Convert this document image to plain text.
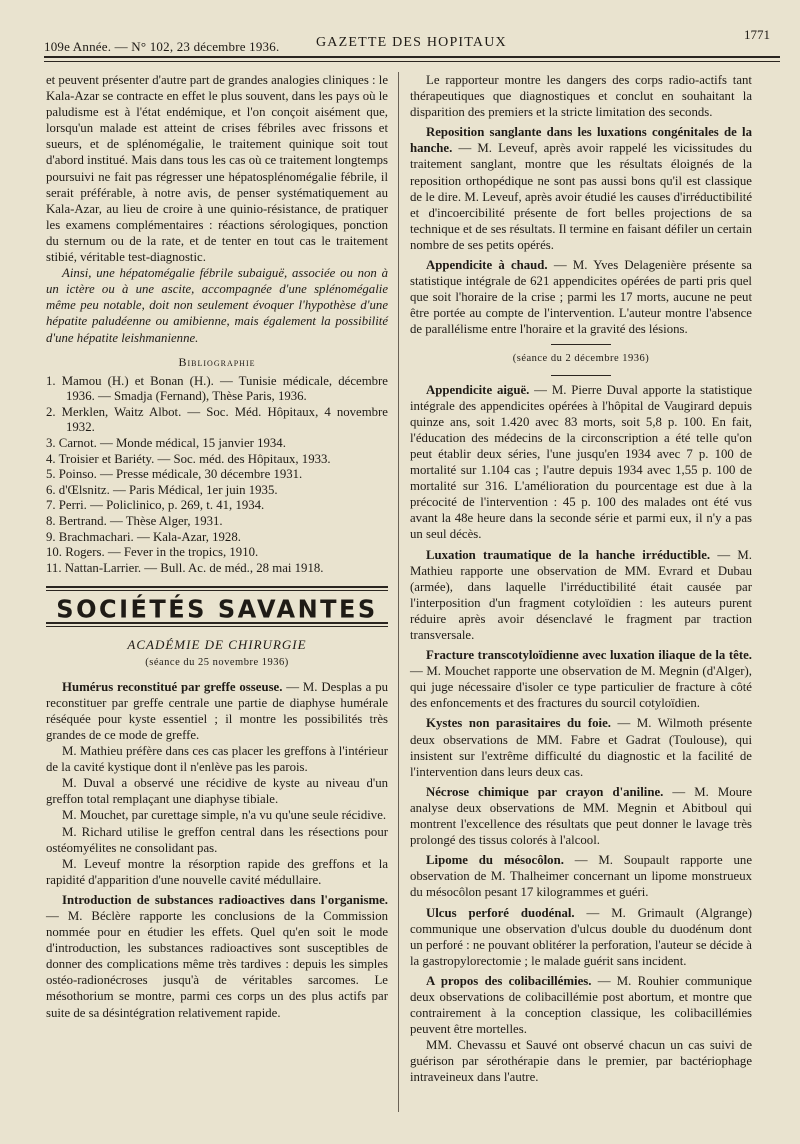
109e Année. — N° 102, 23 décembre 1936.	GAZETTE DES HOPITAUX
1771

et peuvent présenter d'autre part de grandes analogies cliniques : le Kala-Azar se contracte en effet le plus souvent, dans les pays où le paludisme est à l'état endémique, et l'on conçoit aisément que, lorsqu'un malade est atteint de crises fébriles avec frissons et sueurs, et de splénomégalie, le traitement quinique soit tout d'abord institué. Mais dans tous les cas où ce traitement longtemps poursuivi ne fait pas régresser une hépatosplénomégalie fébrile, il serait préférable, à notre avis, de penser systématiquement au Kala-Azar, au lieu de croire à une quinio-résistance, de pratiquer les examens complémentaires : réactions sérologiques, ponction du sternum ou de la rate, et de tenter en tout cas le traitement stibié, véritable test-diagnostic.

Ainsi, une hépatomégalie fébrile subaiguë, associée ou non à un ictère ou à une ascite, accompagnée d'une splénomégalie même peu notable, doit non seulement évoquer l'hypothèse d'une hépatite paludéenne ou amibienne, mais également la possibilité d'une hépatite leishmanienne.

Bibliographie
1. Mamou (H.) et Bonan (H.). — Tunisie médicale, décembre 1936. — Smadja (Fernand), Thèse Paris, 1936.
2. Merklen, Waitz Albot. — Soc. Méd. Hôpitaux, 4 novembre 1932.
3. Carnot. — Monde médical, 15 janvier 1934.
4. Troisier et Bariéty. — Soc. méd. des Hôpitaux, 1933.
5. Poinso. — Presse médicale, 30 décembre 1931.
6. d'Œlsnitz. — Paris Médical, 1er juin 1935.
7. Perri. — Policlinico, p. 269, t. 41, 1934.
8. Bertrand. — Thèse Alger, 1931.
9. Brachmachari. — Kala-Azar, 1928.
10. Rogers. — Fever in the tropics, 1910.
11. Nattan-Larrier. — Bull. Ac. de méd., 28 mai 1918.
SOCIÉTÉS SAVANTES
ACADÉMIE DE CHIRURGIE
(séance du 25 novembre 1936)

Humérus reconstitué par greffe osseuse. — M. Desplas a pu reconstituer par greffe centrale une partie de diaphyse humérale réséquée pour kyste essentiel ; il montre les possibilités très grandes de ce mode de greffe.

M. Mathieu préfère dans ces cas placer les greffons à l'intérieur de la cavité kystique dont il n'enlève pas les parois.

M. Duval a observé une récidive de kyste au niveau d'un greffon total remplaçant une diaphyse tibiale.

M. Mouchet, par curettage simple, n'a vu qu'une seule récidive.

M. Richard utilise le greffon central dans les résections pour ostéomyélites ne consolidant pas.

M. Leveuf montre la résorption rapide des greffons et la rapidité d'apparition d'une nouvelle cavité médullaire.

Introduction de substances radioactives dans l'organisme. — M. Béclère rapporte les conclusions de la Commission nommée pour en étudier les effets. Quel qu'en soit le mode d'introduction, les substances radioactives sont susceptibles de donner des complications même très tardives : depuis les simples ostéo-radionécroses jusqu'à de véritables sarcomes. Le mésothorium se montre, parmi ces corps un des plus actifs par suite de sa désintégration relativement rapide.

Le rapporteur montre les dangers des corps radio-actifs tant thérapeutiques que diagnostiques et conclut en souhaitant la disparition des premiers et la stricte limitation des seconds.

Reposition sanglante dans les luxations congénitales de la hanche. — M. Leveuf, après avoir rappelé les vicissitudes du traitement sanglant, montre que les résultats éloignés de la reposition orthopédique ne sont pas aussi bons qu'il est classique de le dire. M. Leveuf, après avoir étudié les causes d'irréductibilité et d'incoercibilité présente de fort belles projections de sa technique et de ses résultats. Il termine en faisant défiler un certain nombre de ses petits opérés.

Appendicite à chaud. — M. Yves Delagenière présente sa statistique intégrale de 621 appendicites opérées de parti pris quel que soit l'horaire de la crise ; parmi les 17 morts, aucune ne peut être portée au compte de l'intervention. L'auteur montre l'absence de parallélisme entre l'horaire et la gravité des lésions.

(séance du 2 décembre 1936)

Appendicite aiguë. — M. Pierre Duval apporte la statistique intégrale des appendicites opérées à l'hôpital de Vaugirard depuis quinze ans, soit 1.420 avec 83 morts, soit 5,8 p. 100. En fait, l'éducation des médecins de la circonscription a été telle qu'on peut établir deux séries, l'une jusqu'en 1934 avec 7 p. 100 de mortalité sur 1.104 cas ; l'autre depuis 1934 avec 1,55 p. 100 de mortalité sur 316. L'amélioration du pourcentage est due à la précocité de l'intervention : 45 p. 100 des malades ont été vus avant la 48e heure dans la seconde série et parmi eux, il n'y a pas un seul décès.

Luxation traumatique de la hanche irréductible. — M. Mathieu rapporte une observation de MM. Evrard et Dubau (armée), dans laquelle l'irréductibilité était causée par l'interposition d'un fragment cotyloïdien : les auteurs purent réduire après avoir désenclavé le fragment par traction transversale.

Fracture transcotyloïdienne avec luxation iliaque de la tête. — M. Mouchet rapporte une observation de M. Megnin (d'Alger), qui juge nécessaire d'isoler ce type particulier de fracture à côté des enfoncements et des fractures du sourcil cotyloïdien.

Kystes non parasitaires du foie. — M. Wilmoth présente deux observations de MM. Fabre et Gadrat (Toulouse), qui insistent sur l'extrême difficulté du diagnostic et la facilité de l'intervention dans leurs deux cas.

Nécrose chimique par crayon d'aniline. — M. Moure analyse deux observations de MM. Megnin et Abitboul qui montrent l'excellence des résultats que peut donner le lavage très prolongé des tissus colorés à l'alcool.

Lipome du mésocôlon. — M. Soupault rapporte une observation de M. Thalheimer concernant un lipome monstrueux du mésocôlon pesant 17 kilogrammes et guéri.

Ulcus perforé duodénal. — M. Grimault (Algrange) communique une observation d'ulcus double du duodénum dont un perforé : ne pouvant oblitérer la perforation, l'auteur se décide à la gastropylorectomie ; le malade guérit sans incident.

A propos des colibacillémies. — M. Rouhier communique deux observations de colibacillémie post abortum, et montre que contrairement à la conception classique, les colibacillémies peuvent être mortelles.

MM. Chevassu et Sauvé ont observé chacun un cas suivi de guérison par sérothérapie dans le premier, par bactériophage intraveineux dans l'autre.
